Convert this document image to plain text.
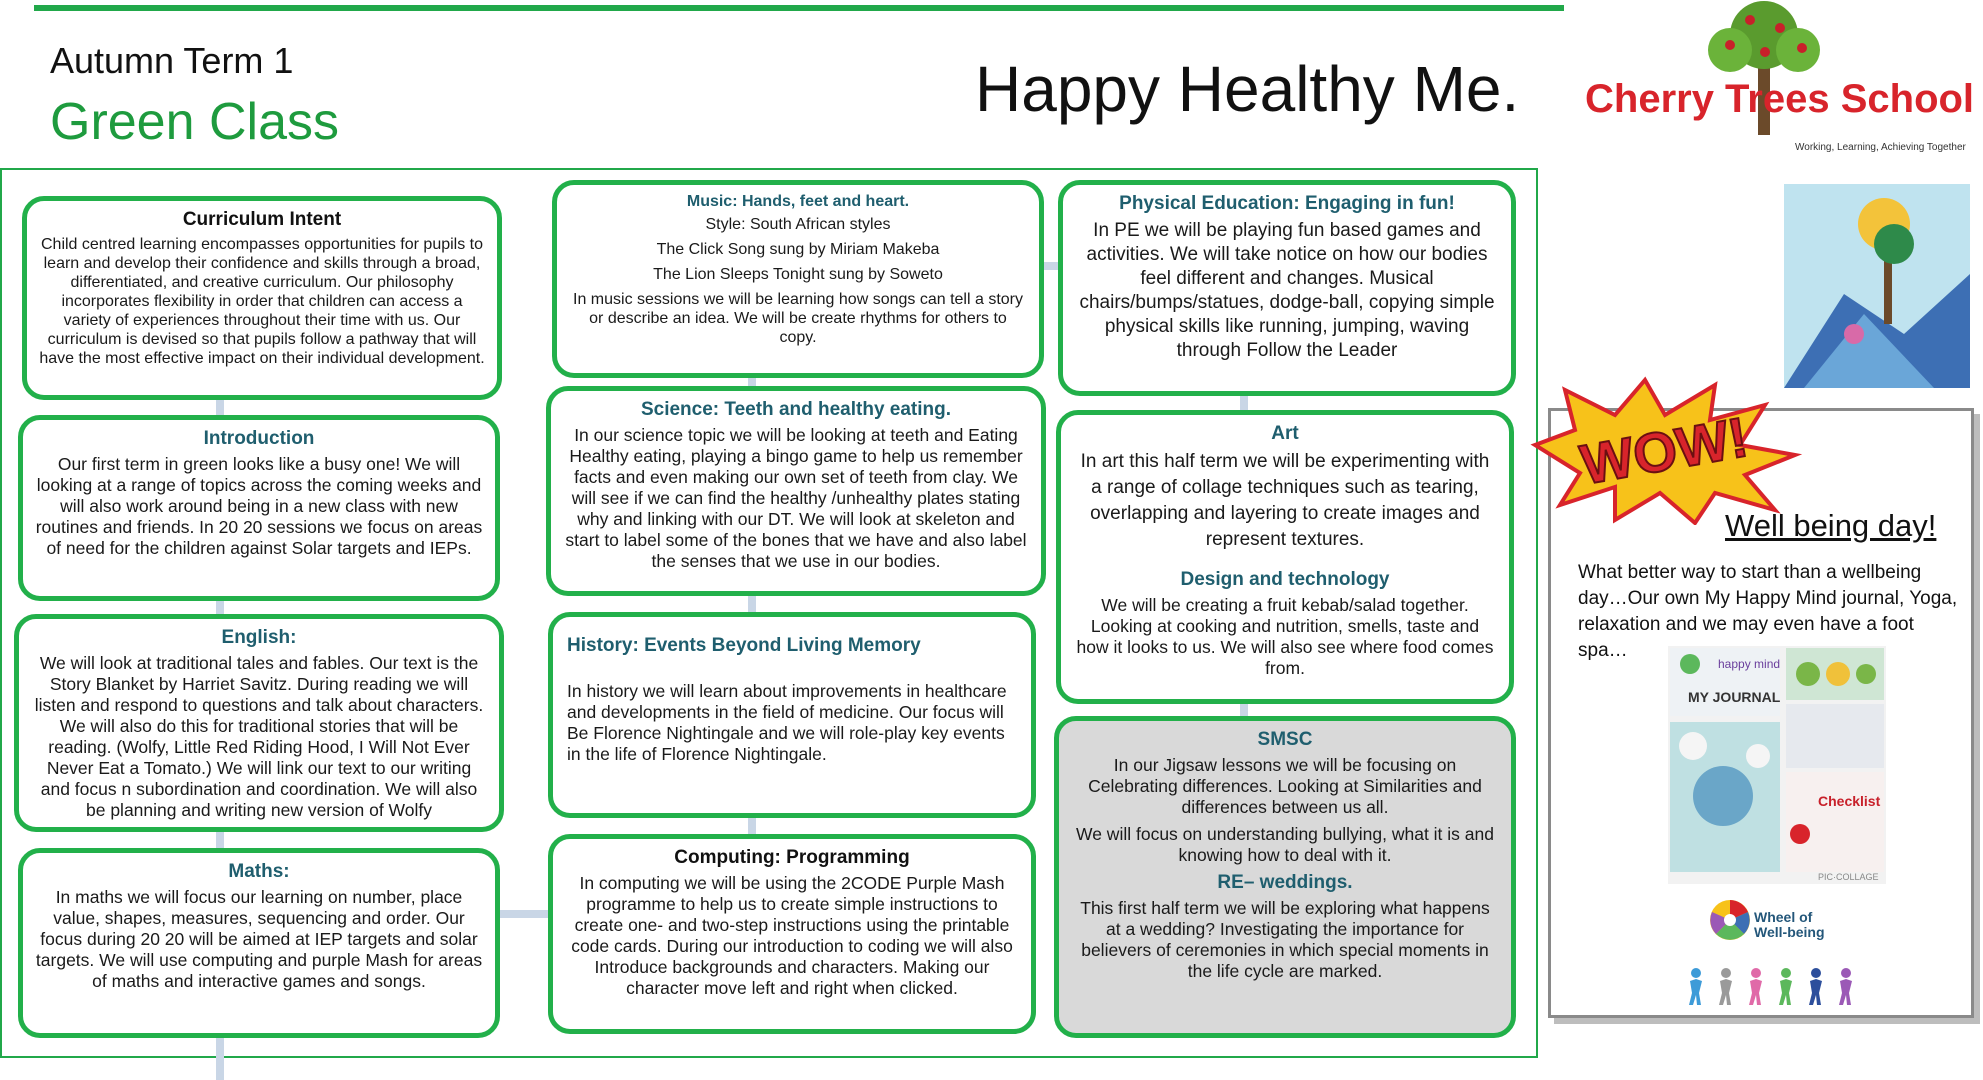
Autumn Term 1
Green Class	Happy Healthy Me. Cherry Trees School
Working, Learning, Achieving Together
Curriculum Intent
Child centred learning encompasses opportunities for pupils to learn and develop their confidence and skills through a broad, differentiated, and creative curriculum. Our philosophy incorporates flexibility in order that children can access a variety of experiences throughout their time with us. Our curriculum is devised so that pupils follow a pathway that will have the most effective impact on their individual development.
Introduction
Our first term in green looks like a busy one! We will looking at a range of topics across the coming weeks and will also work around being in a new class with new routines and friends. In 20 20 sessions we focus on areas of need for the children against Solar targets and IEPs.
English:
We will look at traditional tales and fables. Our text is the Story Blanket by Harriet Savitz. During reading we will listen and respond to questions and talk about characters. We will also do this for traditional stories that will be reading. (Wolfy, Little Red Riding Hood, I Will Not Ever Never Eat a Tomato.) We will link our text to our writing and focus n subordination and coordination. We will also be planning and writing new version of Wolfy
Maths:
In maths we will focus our learning on number, place value, shapes, measures, sequencing and order. Our focus during 20 20 will be aimed at IEP targets and solar targets. We will use computing and purple Mash for areas of maths and interactive games and songs.
Music: Hands, feet and heart.
Style: South African styles
The Click Song sung by Miriam Makeba
The Lion Sleeps Tonight sung by Soweto
In music sessions we will be learning how songs can tell a story or describe an idea. We will be create rhythms for others to copy.
Science: Teeth and healthy eating.
In our science topic we will be looking at teeth and Eating Healthy eating, playing a bingo game to help us remember facts and even making our own set of teeth from clay. We will see if we can find the healthy /unhealthy plates stating why and linking with our DT. We will look at skeleton and start to label some of the bones that we have and also label the senses that we use in our bodies.
History: Events Beyond Living Memory
In history we will learn about improvements in healthcare and developments in the field of medicine. Our focus will Be Florence Nightingale and we will role-play key events in the life of Florence Nightingale.
Computing: Programming
In computing we will be using the 2CODE Purple Mash programme to help us to create simple instructions to create one- and two-step instructions using the printable code cards. During our introduction to coding we will also Introduce backgrounds and characters. Making our character move left and right when clicked.
Physical Education: Engaging in fun!
In PE we will be playing fun based games and activities. We will take notice on how our bodies feel different and changes. Musical chairs/bumps/statues, dodge-ball, copying simple physical skills like running, jumping, waving through Follow the Leader
Art
In art this half term we will be experimenting with a range of collage techniques such as tearing, overlapping and layering to create images and represent textures.
Design and technology
We will be creating a fruit kebab/salad together. Looking at cooking and nutrition, smells, taste and how it looks to us. We will also see where food comes from.
SMSC
In our Jigsaw lessons we will be focusing on Celebrating differences. Looking at Similarities and differences between us all.
We will focus on understanding bullying, what it is and knowing how to deal with it.
RE– weddings.
This first half term we will be exploring what happens at a wedding? Investigating the importance for believers of ceremonies in which special moments in the life cycle are marked.
WOW!
Well being day!
What better way to start than a wellbeing day…Our own My Happy Mind journal, Yoga, relaxation and we may even have a foot spa…
MY JOURNAL
happy mind
Checklist
PIC·COLLAGE
Wheel of
Well-being
